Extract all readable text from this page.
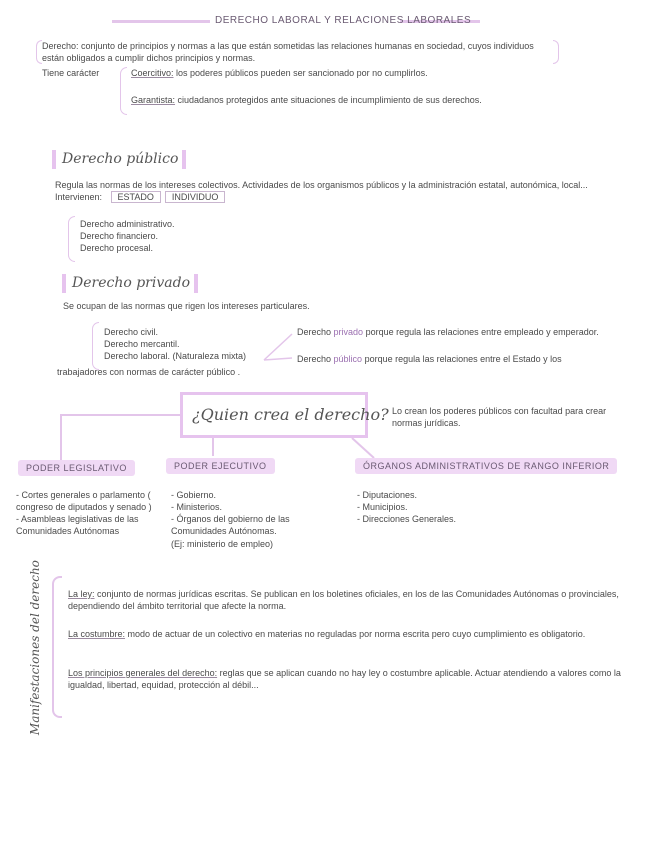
DERECHO LABORAL Y RELACIONES LABORALES

Derecho: conjunto de principios y normas a las que están sometidas las relaciones humanas en sociedad, cuyos individuos están obligados a cumplir dichos principios y normas.

Tiene carácter	Coercitivo: los poderes públicos pueden ser sancionado por no cumplirlos.

Garantista: ciudadanos protegidos ante situaciones de incumplimiento de sus derechos.

Derecho público

Regula las normas de los intereses colectivos. Actividades de los organismos públicos y la administración estatal, autonómica, local... Intervienen: ESTADO INDIVIDUO

Derecho administrativo.
Derecho financiero.
Derecho procesal.
Derecho privado

Se ocupan de las normas que rigen los intereses particulares.

Derecho civil.
Derecho mercantil.
Derecho laboral. (Naturaleza mixta)

trabajadores con normas de carácter público .

Derecho privado porque regula las relaciones entre empleado y emperador.

Derecho público porque regula las relaciones entre el Estado y los

¿Quien crea el derecho? Lo crean los poderes públicos con facultad para crear normas jurídicas.

PODER LEGISLATIVO	PODER EJECUTIVO	ÓRGANOS ADMINISTRATIVOS DE RANGO INFERIOR
- Cortes generales o parlamento ( congreso de diputados y senado )
- Asambleas legislativas de las Comunidades Autónomas
- Gobierno.
- Ministerios.
- Órganos del gobierno de las Comunidades Autónomas.
(Ej: ministerio de empleo)
- Diputaciones.
- Municipios.
- Direcciones Generales.
Manifestaciones del derecho	La ley: conjunto de normas jurídicas escritas. Se publican en los boletines oficiales, en los de las Comunidades Autónomas o provinciales, dependiendo del ámbito territorial que afecte la norma.

La costumbre: modo de actuar de un colectivo en materias no reguladas por norma escrita pero cuyo cumplimiento es obligatorio.

Los principios generales del derecho: reglas que se aplican cuando no hay ley o costumbre aplicable. Actuar atendiendo a valores como la igualdad, libertad, equidad, protección al débil...
